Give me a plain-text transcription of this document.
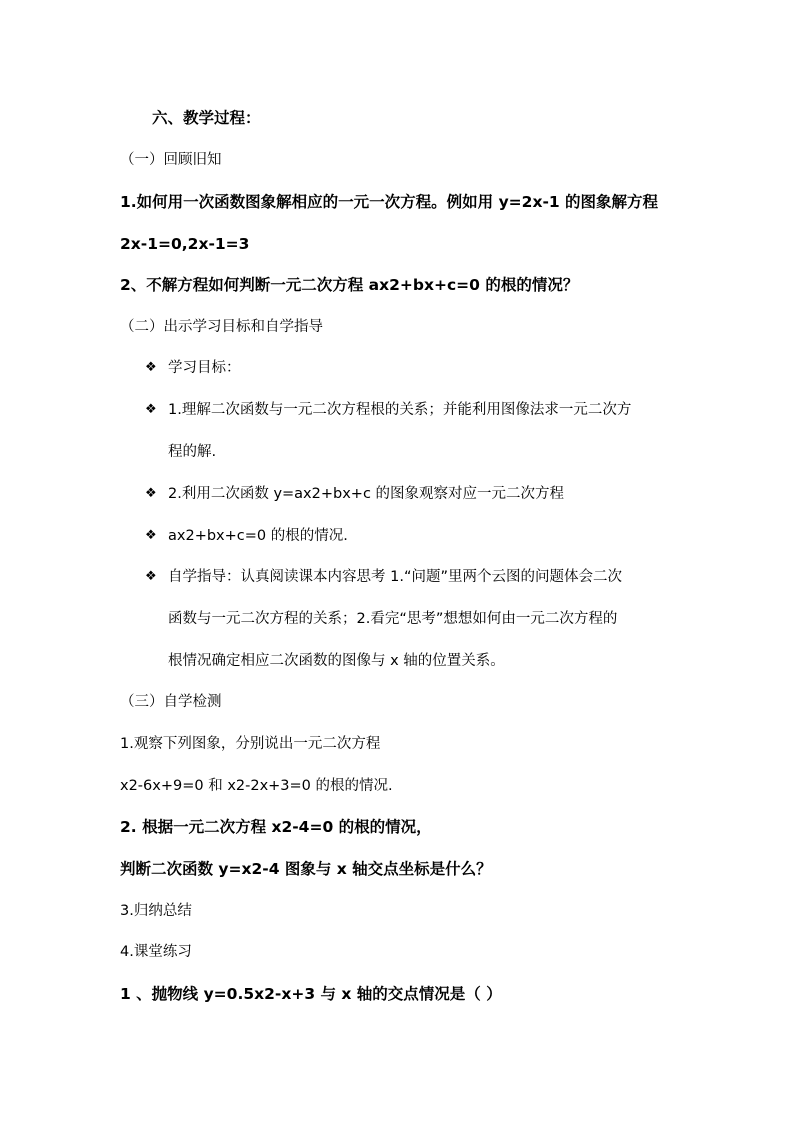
六、教学过程：
（一）回顾旧知
1.如何用一次函数图象解相应的一元一次方程。例如用 y=2x-1 的图象解方程
2x-1=0,2x-1=3
2、不解方程如何判断一元二次方程 ax2+bx+c=0 的根的情况？
（二）出示学习目标和自学指导
❖ 学习目标：
❖ 1.理解二次函数与一元二次方程根的关系；并能利用图像法求一元二次方
程的解.
❖ 2.利用二次函数 y=ax2+bx+c 的图象观察对应一元二次方程
❖ ax2+bx+c=0 的根的情况.
❖ 自学指导：认真阅读课本内容思考 1.“问题”里两个云图的问题体会二次
函数与一元二次方程的关系；2.看完“思考”想想如何由一元二次方程的
根情况确定相应二次函数的图像与 x 轴的位置关系。
（三）自学检测
1.观察下列图象，分别说出一元二次方程
x2-6x+9=0 和 x2-2x+3=0 的根的情况.
2. 根据一元二次方程 x2-4=0 的根的情况，
判断二次函数 y=x2-4 图象与 x 轴交点坐标是什么？
3.归纳总结
4.课堂练习
1 、抛物线 y=0.5x2-x+3 与 x 轴的交点情况是（ ）
